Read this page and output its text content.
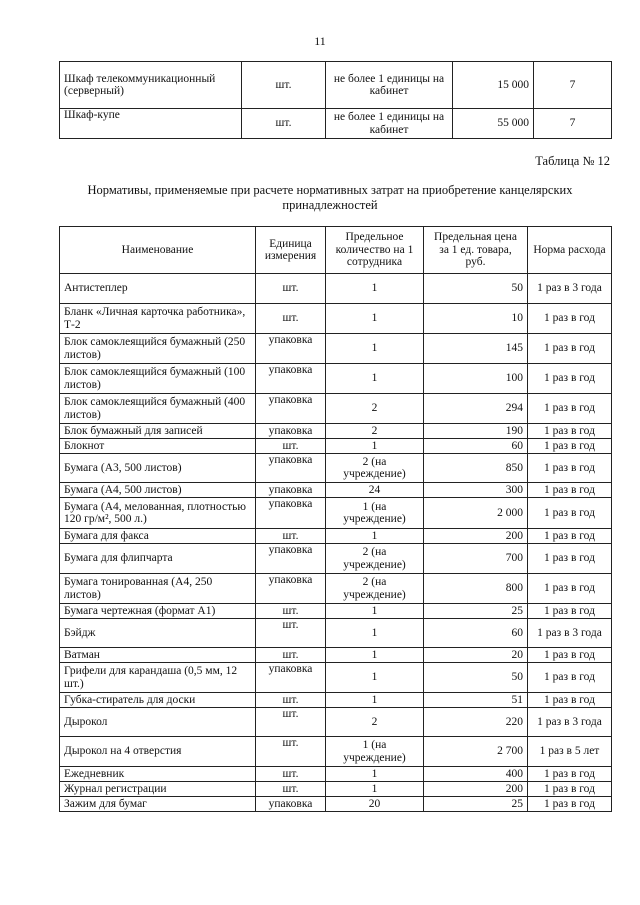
11
Шкаф телекоммуникационный (серверный)	шт.	не более 1 единицы на кабинет	15 000	7
Шкаф-купе	шт.	не более 1 единицы на кабинет	55 000	7
Таблица № 12
Нормативы, применяемые при расчете нормативных затрат на приобретение канцелярских принадлежностей
Наименование	Единица измерения	Предельное количество на 1 сотрудника	Предельная цена за 1 ед. товара, руб.	Норма расхода
Антистеплер	шт.	1	50	1 раз в 3 года
Бланк «Личная карточка работника», Т-2	шт.	1	10	1 раз в год
Блок самоклеящийся бумажный (250 листов)	упаковка	1	145	1 раз в год
Блок самоклеящийся бумажный (100 листов)	упаковка	1	100	1 раз в год
Блок самоклеящийся бумажный (400 листов)	упаковка	2	294	1 раз в год
Блок бумажный для записей	упаковка	2	190	1 раз в год
Блокнот	шт.	1	60	1 раз в год
Бумага (А3, 500 листов)	упаковка	2 (на учреждение)	850	1 раз в год
Бумага (А4, 500 листов)	упаковка	24	300	1 раз в год
Бумага (А4, мелованная, плотностью 120 гр/м², 500 л.)	упаковка	1 (на учреждение)	2 000	1 раз в год
Бумага для факса	шт.	1	200	1 раз в год
Бумага для флипчарта	упаковка	2 (на учреждение)	700	1 раз в год
Бумага тонированная (А4, 250 листов)	упаковка	2 (на учреждение)	800	1 раз в год
Бумага чертежная (формат А1)	шт.	1	25	1 раз в год
Бэйдж	шт.	1	60	1 раз в 3 года
Ватман	шт.	1	20	1 раз в год
Грифели для карандаша (0,5 мм, 12 шт.)	упаковка	1	50	1 раз в год
Губка-стиратель для доски	шт.	1	51	1 раз в год
Дырокол	шт.	2	220	1 раз в 3 года
Дырокол на 4 отверстия	шт.	1 (на учреждение)	2 700	1 раз в 5 лет
Ежедневник	шт.	1	400	1 раз в год
Журнал регистрации	шт.	1	200	1 раз в год
Зажим для бумаг	упаковка	20	25	1 раз в год
